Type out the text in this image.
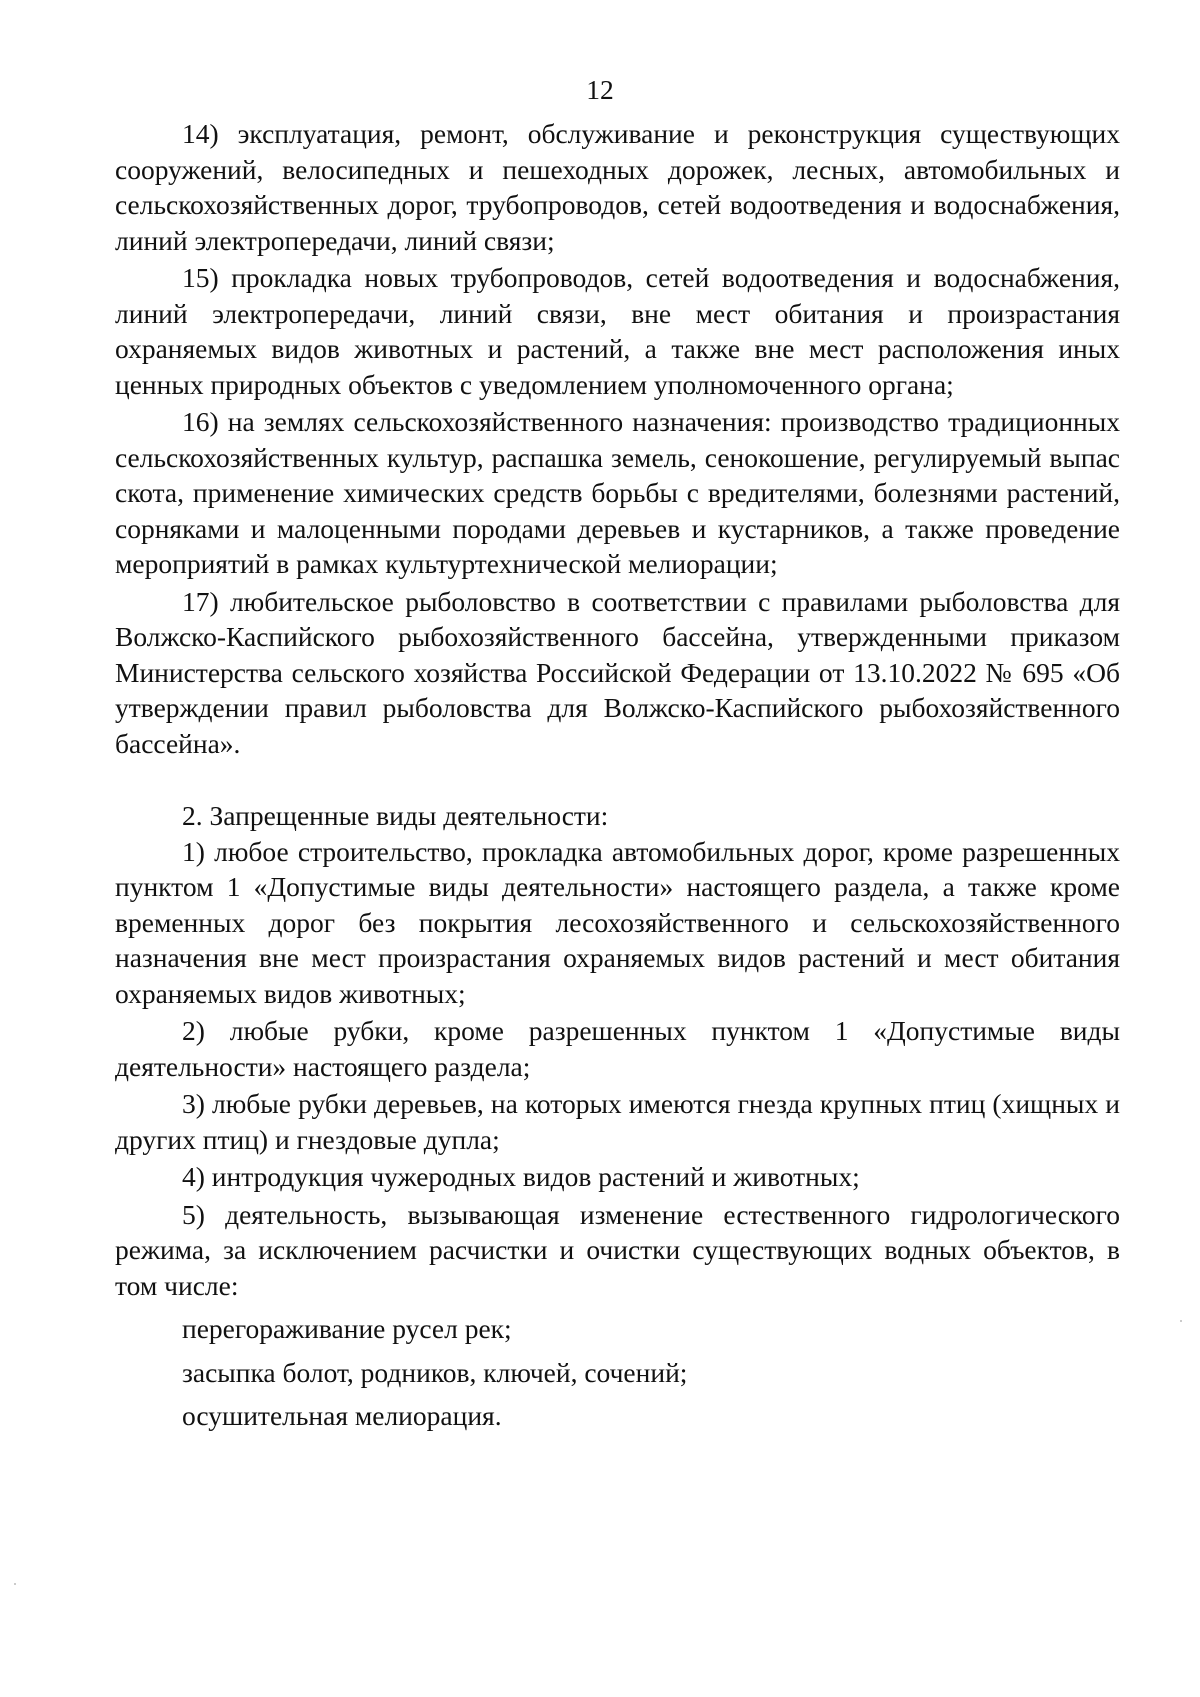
12

14) эксплуатация, ремонт, обслуживание и реконструкция существующих сооружений, велосипедных и пешеходных дорожек, лесных, автомобильных и сельскохозяйственных дорог, трубопроводов, сетей водоотведения и водоснабжения, линий электропередачи, линий связи;

15) прокладка новых трубопроводов, сетей водоотведения и водоснабжения, линий электропередачи, линий связи, вне мест обитания и произрастания охраняемых видов животных и растений, а также вне мест расположения иных ценных природных объектов с уведомлением уполномоченного органа;

16) на землях сельскохозяйственного назначения: производство традиционных сельскохозяйственных культур, распашка земель, сенокошение, регулируемый выпас скота, применение химических средств борьбы с вредителями, болезнями растений, сорняками и малоценными породами деревьев и кустарников, а также проведение мероприятий в рамках культуртехнической мелиорации;

17) любительское рыболовство в соответствии с правилами рыболовства для Волжско-Каспийского рыбохозяйственного бассейна, утвержденными приказом Министерства сельского хозяйства Российской Федерации от 13.10.2022 № 695 «Об утверждении правил рыболовства для Волжско-Каспийского рыбохозяйственного бассейна».

2. Запрещенные виды деятельности:

1) любое строительство, прокладка автомобильных дорог, кроме разрешенных пунктом 1 «Допустимые виды деятельности» настоящего раздела, а также кроме временных дорог без покрытия лесохозяйственного и сельскохозяйственного назначения вне мест произрастания охраняемых видов растений и мест обитания охраняемых видов животных;

2) любые рубки, кроме разрешенных пунктом 1 «Допустимые виды деятельности» настоящего раздела;

3) любые рубки деревьев, на которых имеются гнезда крупных птиц (хищных и других птиц) и гнездовые дупла;

4) интродукция чужеродных видов растений и животных;

5) деятельность, вызывающая изменение естественного гидрологического режима, за исключением расчистки и очистки существующих водных объектов, в том числе:

перегораживание русел рек;

засыпка болот, родников, ключей, сочений;

осушительная мелиорация.
